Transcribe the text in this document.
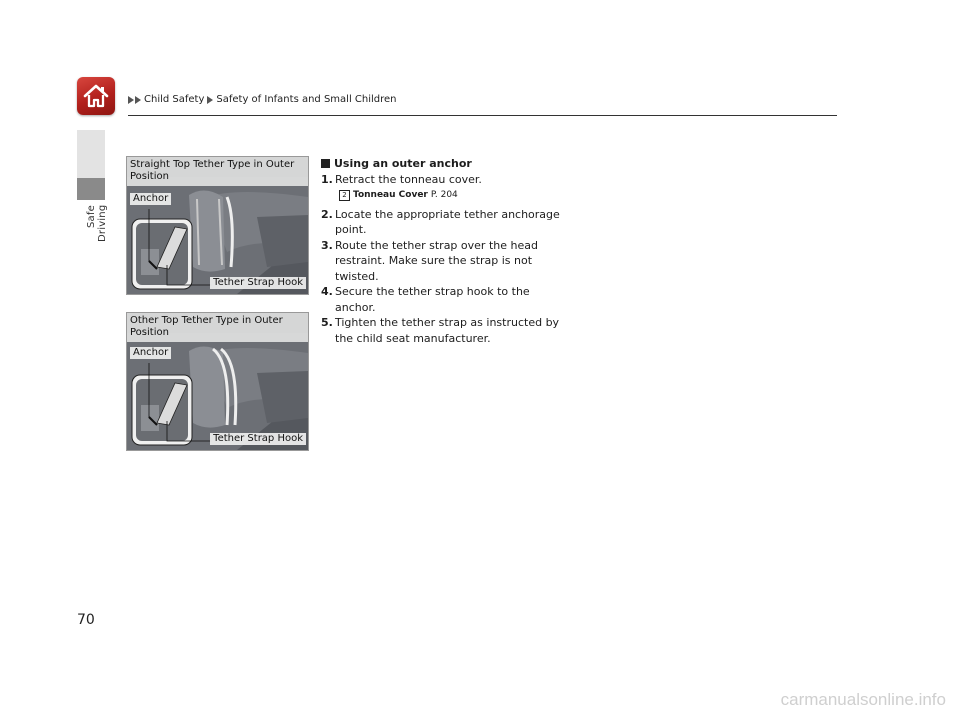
Child Safety Safety of Infants and Small Children
Safe Driving
Straight Top Tether Type in Outer Position
Anchor
Tether Strap Hook
Other Top Tether Type in Outer Position
Anchor
Tether Strap Hook
Using an outer anchor
1. Retract the tonneau cover.
2 Tonneau Cover P. 204
2. Locate the appropriate tether anchorage point.
3. Route the tether strap over the head restraint. Make sure the strap is not twisted.
4. Secure the tether strap hook to the anchor.
5. Tighten the tether strap as instructed by the child seat manufacturer.
70
carmanualsonline.info
